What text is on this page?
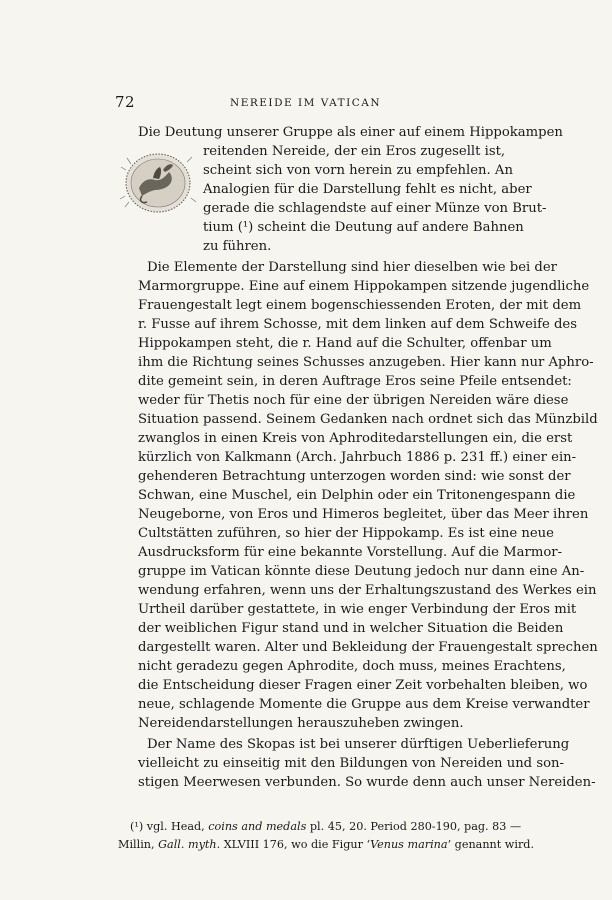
72	NEREIDE IM VATICAN
Die Deutung unserer Gruppe als einer auf einem Hippokampen
reitenden Nereide, der ein Eros zugesellt ist,
scheint sich von vorn herein zu empfehlen. An
Analogien für die Darstellung fehlt es nicht, aber
gerade die schlagendste auf einer Münze von Brut-
tium (¹) scheint die Deutung auf andere Bahnen
zu führen.
Die Elemente der Darstellung sind hier dieselben wie bei der
Marmorgruppe. Eine auf einem Hippokampen sitzende jugendliche
Frauengestalt legt einem bogenschiessenden Eroten, der mit dem
r. Fusse auf ihrem Schosse, mit dem linken auf dem Schweife des
Hippokampen steht, die r. Hand auf die Schulter, offenbar um
ihm die Richtung seines Schusses anzugeben. Hier kann nur Aphro-
dite gemeint sein, in deren Auftrage Eros seine Pfeile entsendet:
weder für Thetis noch für eine der übrigen Nereiden wäre diese
Situation passend. Seinem Gedanken nach ordnet sich das Münzbild
zwanglos in einen Kreis von Aphroditedarstellungen ein, die erst
kürzlich von Kalkmann (Arch. Jahrbuch 1886 p. 231 ff.) einer ein-
gehenderen Betrachtung unterzogen worden sind: wie sonst der
Schwan, eine Muschel, ein Delphin oder ein Tritonengespann die
Neugeborne, von Eros und Himeros begleitet, über das Meer ihren
Cultstätten zuführen, so hier der Hippokamp. Es ist eine neue
Ausdrucksform für eine bekannte Vorstellung. Auf die Marmor-
gruppe im Vatican könnte diese Deutung jedoch nur dann eine An-
wendung erfahren, wenn uns der Erhaltungszustand des Werkes ein
Urtheil darüber gestattete, in wie enger Verbindung der Eros mit
der weiblichen Figur stand und in welcher Situation die Beiden
dargestellt waren. Alter und Bekleidung der Frauengestalt sprechen
nicht geradezu gegen Aphrodite, doch muss, meines Erachtens,
die Entscheidung dieser Fragen einer Zeit vorbehalten bleiben, wo
neue, schlagende Momente die Gruppe aus dem Kreise verwandter
Nereidendarstellungen herauszuheben zwingen.
Der Name des Skopas ist bei unserer dürftigen Ueberlieferung
vielleicht zu einseitig mit den Bildungen von Nereiden und son-
stigen Meerwesen verbunden. So wurde denn auch unser Nereiden-
(¹) vgl. Head, coins and medals pl. 45, 20. Period 280-190, pag. 83 —
Millin, Gall. myth. XLVIII 176, wo die Figur ‘Venus marina’ genannt wird.
